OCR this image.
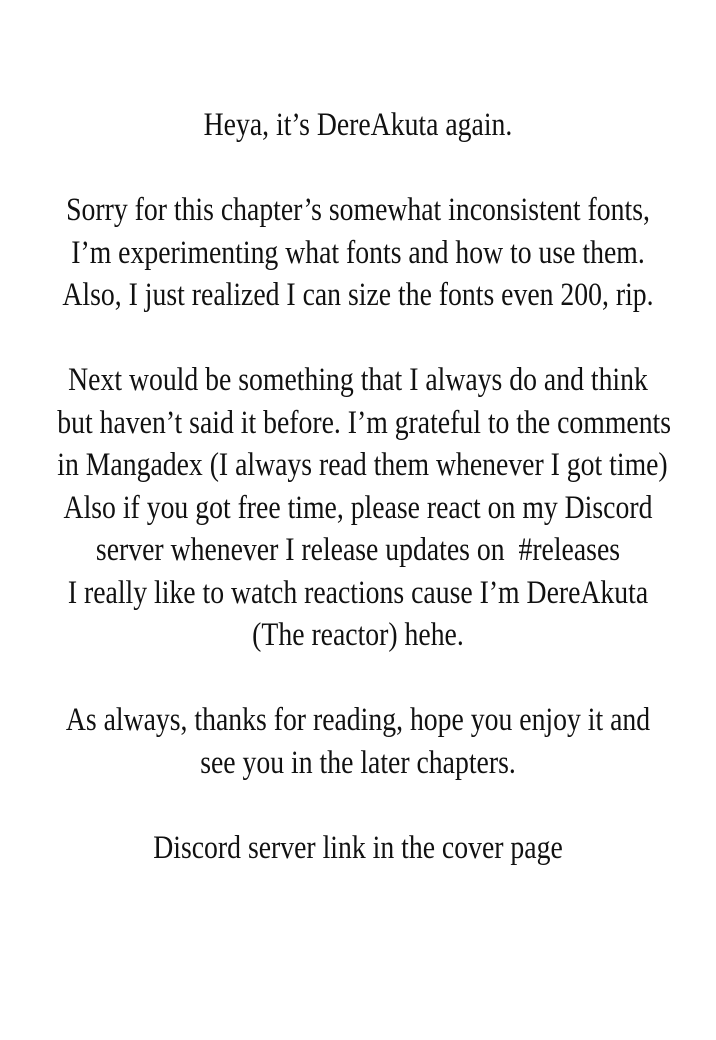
Heya, it’s DereAkuta again.
Sorry for this chapter’s somewhat inconsistent fonts,
I’m experimenting what fonts and how to use them.
Also, I just realized I can size the fonts even 200, rip.
Next would be something that I always do and think
but haven’t said it before. I’m grateful to the comments
in Mangadex (I always read them whenever I got time)
Also if you got free time, please react on my Discord
server whenever I release updates on  #releases
I really like to watch reactions cause I’m DereAkuta
(The reactor) hehe.
As always, thanks for reading, hope you enjoy it and
see you in the later chapters.
Discord server link in the cover page
